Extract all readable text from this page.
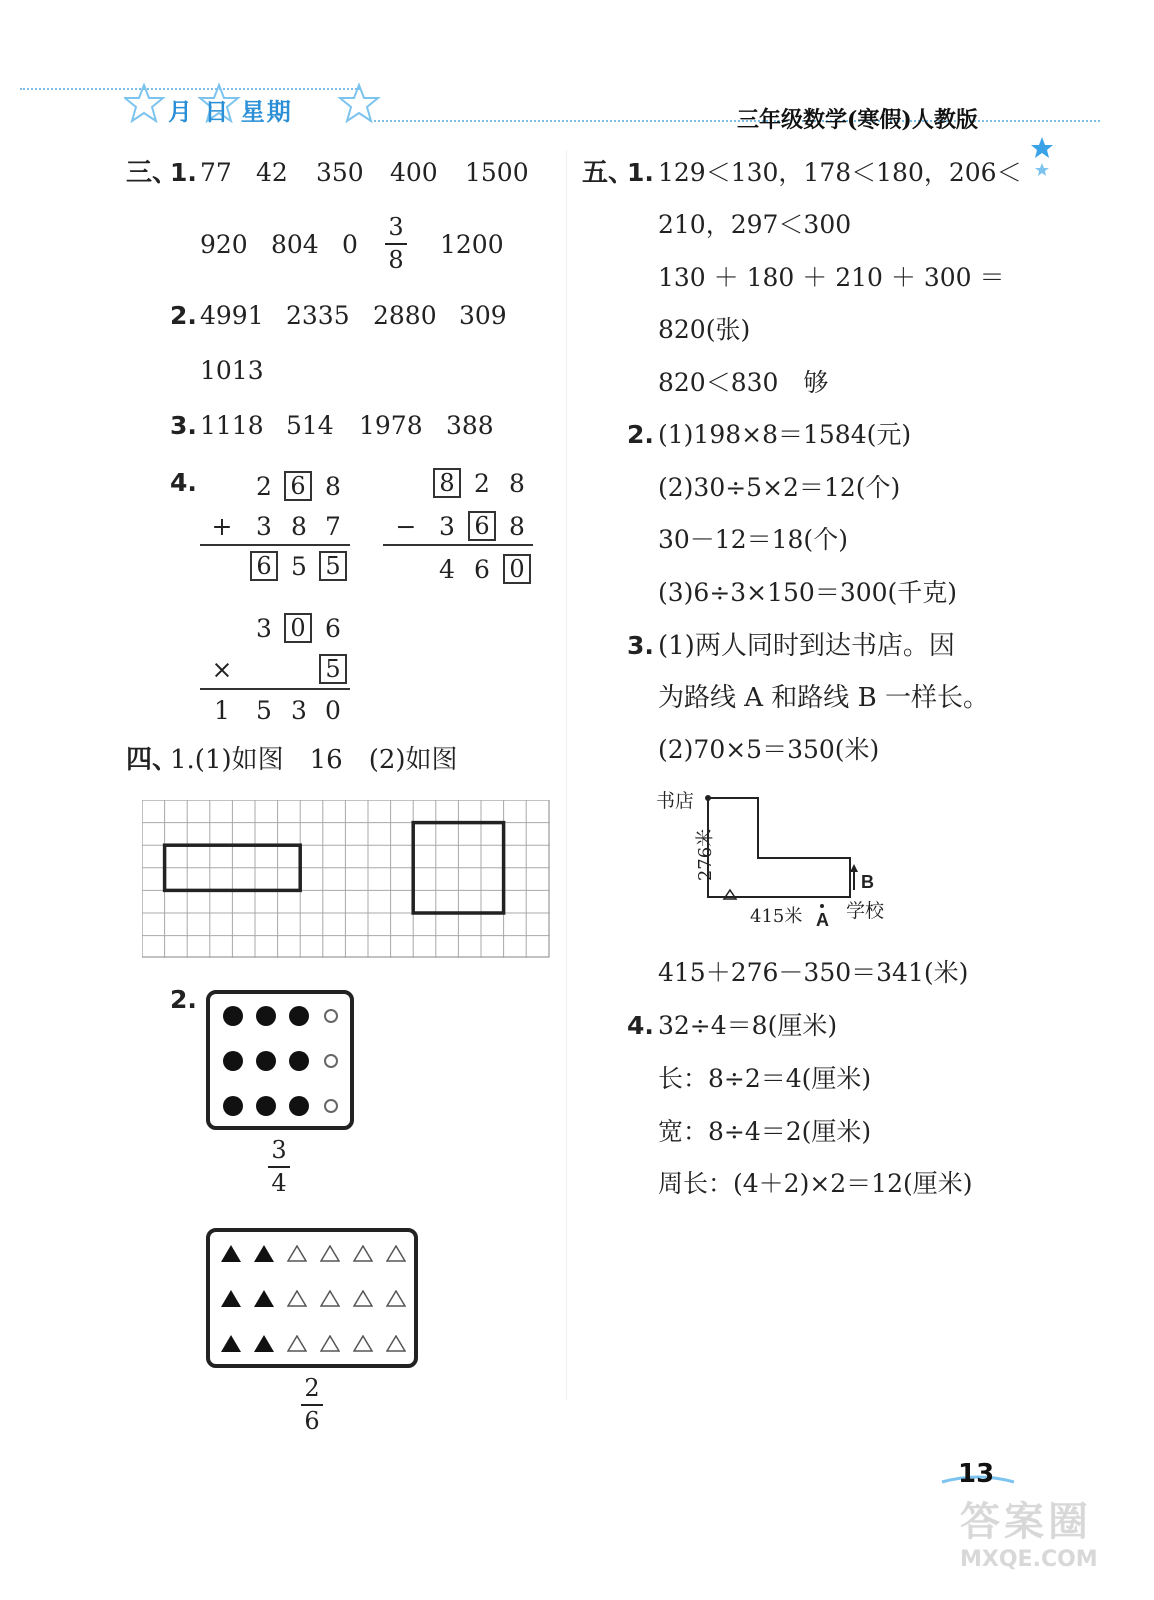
月 日 星期	三年级数学(寒假)人教版
三、
1. 77 42 350 400 1500
920 804 0
3
8
1200
2. 4991 2335 2880 309
1013
3. 1118 514 1978 388
4. 2 6 8
+ 3 8 7
6 5 5
8 2 8
− 3 6 8
4 6 0
3 0 6
×	5
1 5 3 0
四、
1.(1)如图　16　(2)如图
2.
3
4
2
6
五、
1. 129＜130，178＜180，206＜
210，297＜300
130 ＋ 180 ＋ 210 ＋ 300 ＝
820(张)
820＜830　够
2. (1)198×8＝1584(元)
(2)30÷5×2＝12(个)
30－12＝18(个)
(3)6÷3×150＝300(千克)
3. (1)两人同时到达书店。因
为路线 A 和路线 B 一样长。
(2)70×5＝350(米)
书店
276米
415米 A
B
学校
415＋276－350＝341(米)
4. 32÷4＝8(厘米)
长：8÷2＝4(厘米)
宽：8÷4＝2(厘米)
周长：(4＋2)×2＝12(厘米)
13
答案圈
MXQE.COM
